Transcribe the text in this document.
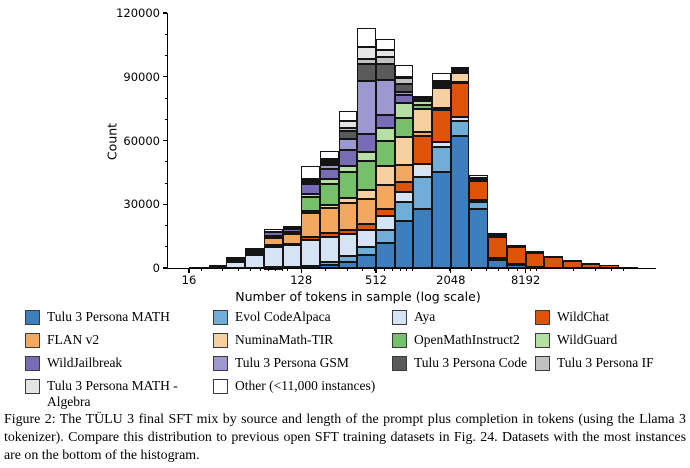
0
30000
60000
90000
120000
16	128	512	2048	8192
Number of tokens in sample (log scale)
Count
Tulu 3 Persona MATH	Evol CodeAlpaca	Aya	WildChat
FLAN v2	NuminaMath-TIR	OpenMathInstruct2	WildGuard
WildJailbreak	Tulu 3 Persona GSM	Tulu 3 Persona Code Tulu 3 Persona IF
Tulu 3 Persona MATH - Algebra
Other (<11,000 instances)
Figure 2: The TÜLU 3 final SFT mix by source and length of the prompt plus completion in tokens (using the Llama 3 tokenizer). Compare this distribution to previous open SFT training datasets in Fig. 24. Datasets with the most instances are on the bottom of the histogram.
